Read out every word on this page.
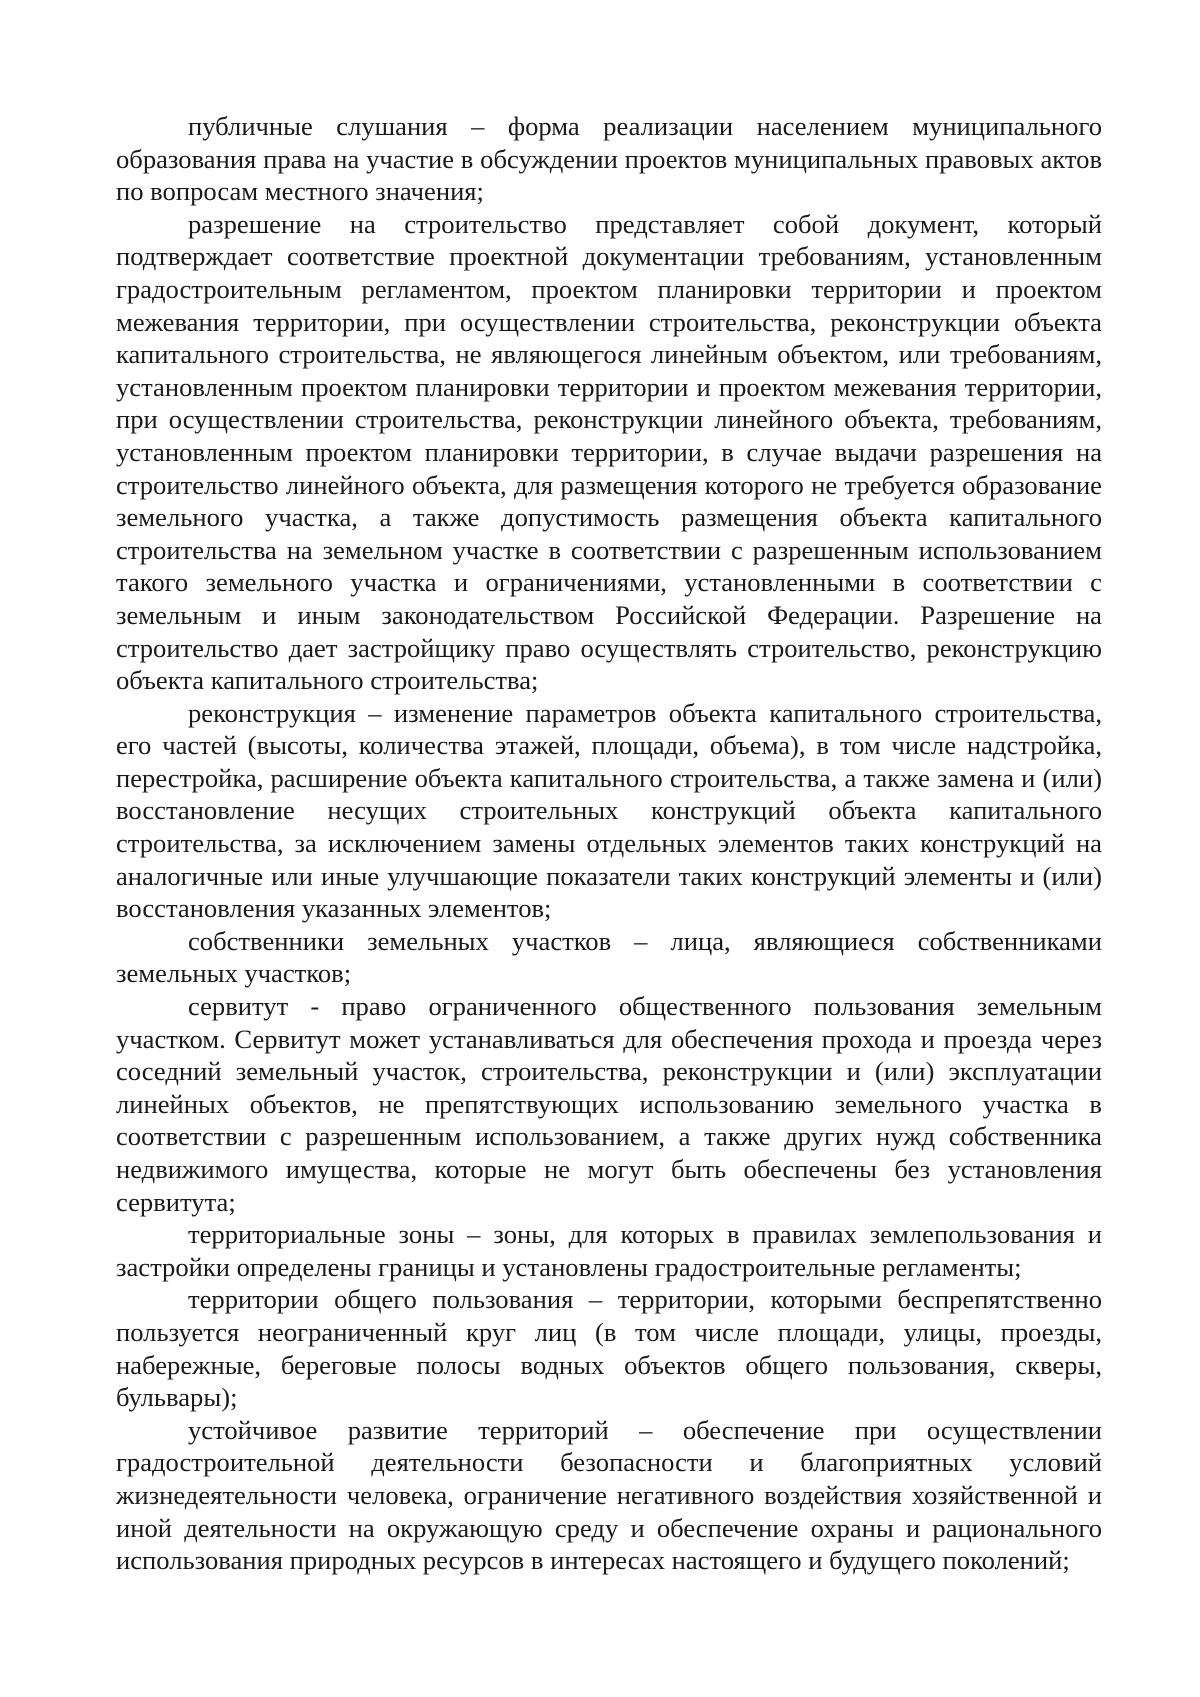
публичные слушания – форма реализации населением муниципального образования права на участие в обсуждении проектов муниципальных правовых актов по вопросам местного значения;

разрешение на строительство представляет собой документ, который подтверждает соответствие проектной документации требованиям, установленным градостроительным регламентом, проектом планировки территории и проектом межевания территории, при осуществлении строительства, реконструкции объекта капитального строительства, не являющегося линейным объектом, или требованиям, установленным проектом планировки территории и проектом межевания территории, при осуществлении строительства, реконструкции линейного объекта, требованиям, установленным проектом планировки территории, в случае выдачи разрешения на строительство линейного объекта, для размещения которого не требуется образование земельного участка, а также допустимость размещения объекта капитального строительства на земельном участке в соответствии с разрешенным использованием такого земельного участка и ограничениями, установленными в соответствии с земельным и иным законодательством Российской Федерации. Разрешение на строительство дает застройщику право осуществлять строительство, реконструкцию объекта капитального строительства;

реконструкция – изменение параметров объекта капитального строительства, его частей (высоты, количества этажей, площади, объема), в том числе надстройка, перестройка, расширение объекта капитального строительства, а также замена и (или) восстановление несущих строительных конструкций объекта капитального строительства, за исключением замены отдельных элементов таких конструкций на аналогичные или иные улучшающие показатели таких конструкций элементы и (или) восстановления указанных элементов;

собственники земельных участков – лица, являющиеся собственниками земельных участков;

сервитут - право ограниченного общественного пользования земельным участком. Сервитут может устанавливаться для обеспечения прохода и проезда через соседний земельный участок, строительства, реконструкции и (или) эксплуатации линейных объектов, не препятствующих использованию земельного участка в соответствии с разрешенным использованием, а также других нужд собственника недвижимого имущества, которые не могут быть обеспечены без установления сервитута;

территориальные зоны – зоны, для которых в правилах землепользования и застройки определены границы и установлены градостроительные регламенты;

территории общего пользования – территории, которыми беспрепятственно пользуется неограниченный круг лиц (в том числе площади, улицы, проезды, набережные, береговые полосы водных объектов общего пользования, скверы, бульвары);

устойчивое развитие территорий – обеспечение при осуществлении градостроительной деятельности безопасности и благоприятных условий жизнедеятельности человека, ограничение негативного воздействия хозяйственной и иной деятельности на окружающую среду и обеспечение охраны и рационального использования природных ресурсов в интересах настоящего и будущего поколений;
